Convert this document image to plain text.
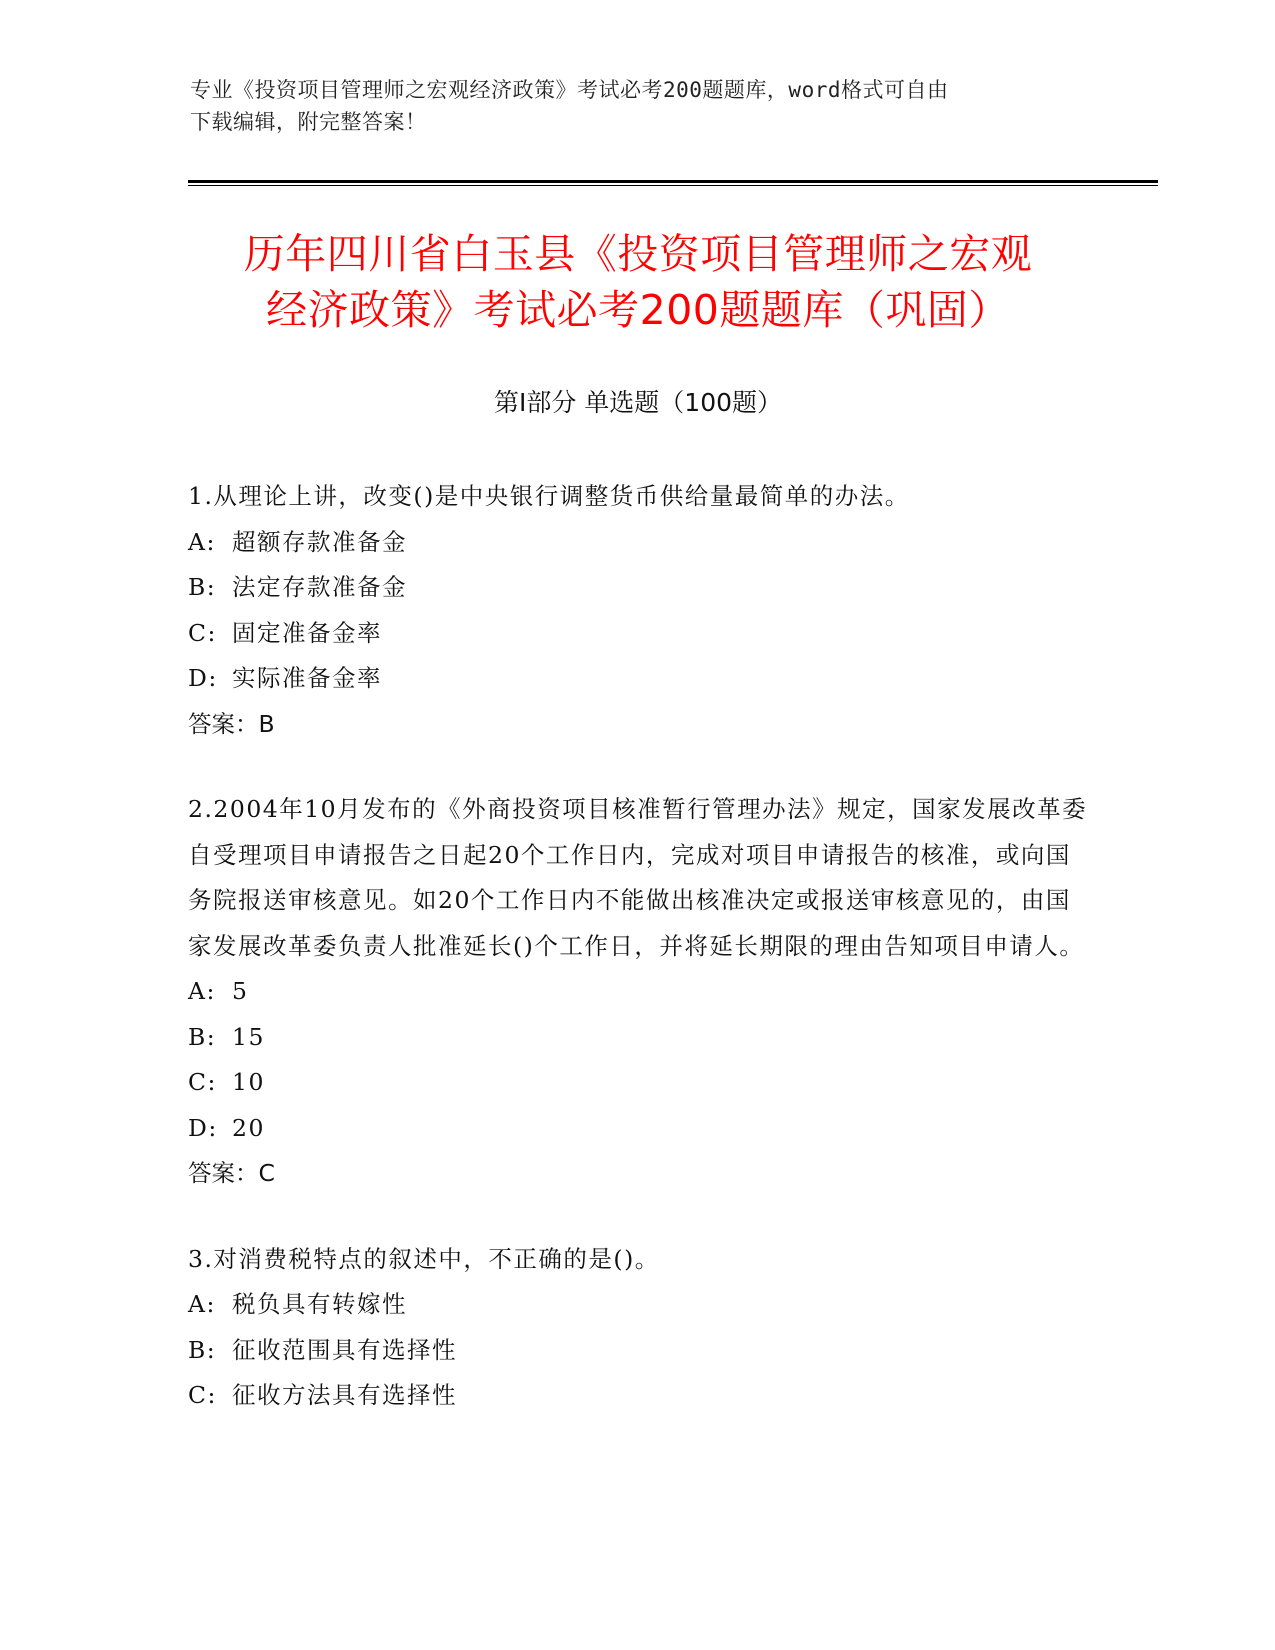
专业《投资项目管理师之宏观经济政策》考试必考200题题库，word格式可自由
下载编辑，附完整答案！
历年四川省白玉县《投资项目管理师之宏观
经济政策》考试必考200题题库（巩固）
第Ⅰ部分 单选题（100题）
1.从理论上讲，改变()是中央银行调整货币供给量最简单的办法。
A: 超额存款准备金
B: 法定存款准备金
C: 固定准备金率
D: 实际准备金率
答案：B
2.2004年10月发布的《外商投资项目核准暂行管理办法》规定，国家发展改革委自受理项目申请报告之日起20个工作日内，完成对项目申请报告的核准，或向国务院报送审核意见。如20个工作日内不能做出核准决定或报送审核意见的，由国家发展改革委负责人批准延长()个工作日，并将延长期限的理由告知项目申请人。
A: 5
B: 15
C: 10
D: 20
答案：C
3.对消费税特点的叙述中，不正确的是()。
A: 税负具有转嫁性
B: 征收范围具有选择性
C: 征收方法具有选择性
